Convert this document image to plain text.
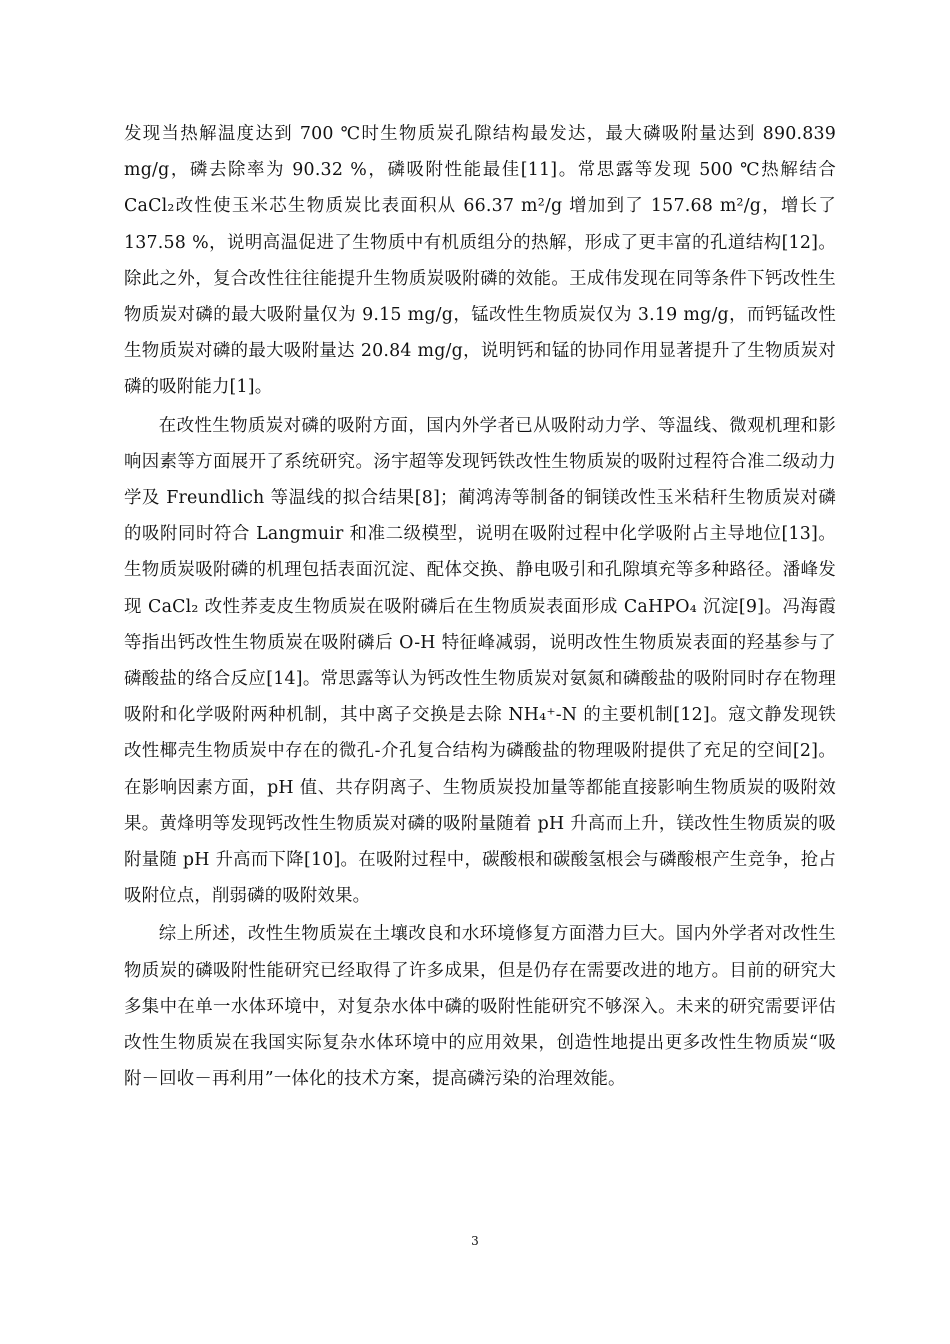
发现当热解温度达到 700 ℃时生物质炭孔隙结构最发达，最大磷吸附量达到 890.839 mg/g，磷去除率为 90.32 %，磷吸附性能最佳[11]。常思露等发现 500 ℃热解结合 CaCl₂改性使玉米芯生物质炭比表面积从 66.37 m²/g 增加到了 157.68 m²/g，增长了 137.58 %，说明高温促进了生物质中有机质组分的热解，形成了更丰富的孔道结构[12]。除此之外，复合改性往往能提升生物质炭吸附磷的效能。王成伟发现在同等条件下钙改性生物质炭对磷的最大吸附量仅为 9.15 mg/g，锰改性生物质炭仅为 3.19 mg/g，而钙锰改性生物质炭对磷的最大吸附量达 20.84 mg/g，说明钙和锰的协同作用显著提升了生物质炭对磷的吸附能力[1]。

在改性生物质炭对磷的吸附方面，国内外学者已从吸附动力学、等温线、微观机理和影响因素等方面展开了系统研究。汤宇超等发现钙铁改性生物质炭的吸附过程符合准二级动力学及 Freundlich 等温线的拟合结果[8]；蔺鸿涛等制备的铜镁改性玉米秸秆生物质炭对磷的吸附同时符合 Langmuir 和准二级模型，说明在吸附过程中化学吸附占主导地位[13]。生物质炭吸附磷的机理包括表面沉淀、配体交换、静电吸引和孔隙填充等多种路径。潘峰发现 CaCl₂ 改性荞麦皮生物质炭在吸附磷后在生物质炭表面形成 CaHPO₄ 沉淀[9]。冯海霞等指出钙改性生物质炭在吸附磷后 O-H 特征峰减弱，说明改性生物质炭表面的羟基参与了磷酸盐的络合反应[14]。常思露等认为钙改性生物质炭对氨氮和磷酸盐的吸附同时存在物理吸附和化学吸附两种机制，其中离子交换是去除 NH₄⁺-N 的主要机制[12]。寇文静发现铁改性椰壳生物质炭中存在的微孔-介孔复合结构为磷酸盐的物理吸附提供了充足的空间[2]。在影响因素方面，pH 值、共存阴离子、生物质炭投加量等都能直接影响生物质炭的吸附效果。黄烽明等发现钙改性生物质炭对磷的吸附量随着 pH 升高而上升，镁改性生物质炭的吸附量随 pH 升高而下降[10]。在吸附过程中，碳酸根和碳酸氢根会与磷酸根产生竞争，抢占吸附位点，削弱磷的吸附效果。

综上所述，改性生物质炭在土壤改良和水环境修复方面潜力巨大。国内外学者对改性生物质炭的磷吸附性能研究已经取得了许多成果，但是仍存在需要改进的地方。目前的研究大多集中在单一水体环境中，对复杂水体中磷的吸附性能研究不够深入。未来的研究需要评估改性生物质炭在我国实际复杂水体环境中的应用效果，创造性地提出更多改性生物质炭“吸附－回收－再利用”一体化的技术方案，提高磷污染的治理效能。

3
